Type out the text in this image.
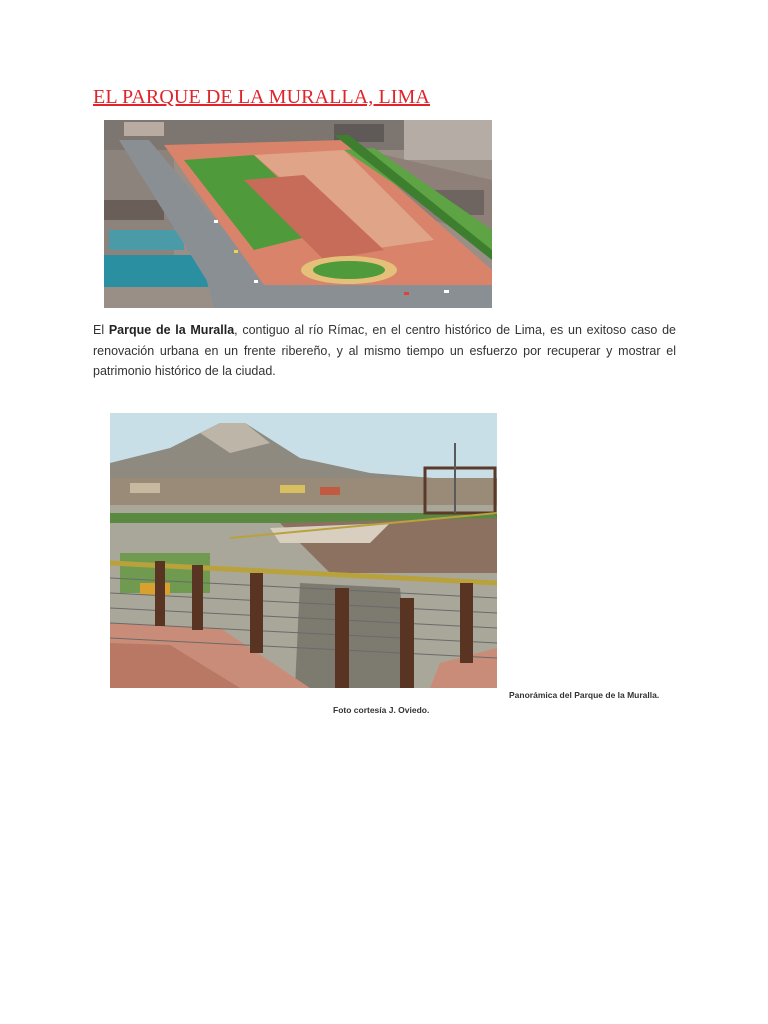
EL PARQUE DE LA MURALLA, LIMA

El Parque de la Muralla, contiguo al río Rímac, en el centro histórico de Lima, es un exitoso caso de renovación urbana en un frente ribereño, y al mismo tiempo un esfuerzo por recuperar y mostrar el patrimonio histórico de la ciudad.

Panorámica del Parque de la Muralla.

Foto cortesía J. Oviedo.
